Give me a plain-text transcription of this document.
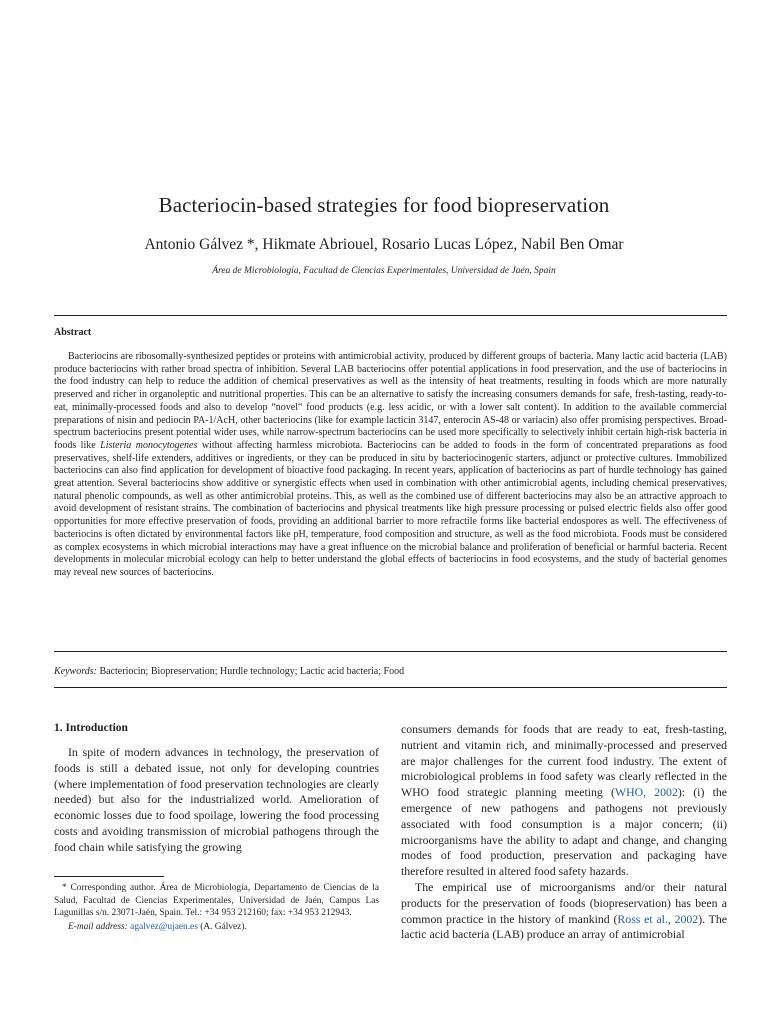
Bacteriocin-based strategies for food biopreservation
Antonio Gálvez *, Hikmate Abriouel, Rosario Lucas López, Nabil Ben Omar
Área de Microbiología, Facultad de Ciencias Experimentales, Universidad de Jaén, Spain
Abstract

Bacteriocins are ribosomally-synthesized peptides or proteins with antimicrobial activity, produced by different groups of bacteria. Many lactic acid bacteria (LAB) produce bacteriocins with rather broad spectra of inhibition. Several LAB bacteriocins offer potential applications in food preservation, and the use of bacteriocins in the food industry can help to reduce the addition of chemical preservatives as well as the intensity of heat treatments, resulting in foods which are more naturally preserved and richer in organoleptic and nutritional properties. This can be an alternative to satisfy the increasing consumers demands for safe, fresh-tasting, ready-to-eat, minimally-processed foods and also to develop “novel“ food products (e.g. less acidic, or with a lower salt content). In addition to the available commercial preparations of nisin and pediocin PA-1/AcH, other bacteriocins (like for example lacticin 3147, enterocin AS-48 or variacin) also offer promising perspectives. Broad-spectrum bacteriocins present potential wider uses, while narrow-spectrum bacteriocins can be used more specifically to selectively inhibit certain high-risk bacteria in foods like Listeria monocytogenes without affecting harmless microbiota. Bacteriocins can be added to foods in the form of concentrated preparations as food preservatives, shelf-life extenders, additives or ingredients, or they can be produced in situ by bacteriocinogenic starters, adjunct or protective cultures. Immobilized bacteriocins can also find application for development of bioactive food packaging. In recent years, application of bacteriocins as part of hurdle technology has gained great attention. Several bacteriocins show additive or synergistic effects when used in combination with other antimicrobial agents, including chemical preservatives, natural phenolic compounds, as well as other antimicrobial proteins. This, as well as the combined use of different bacteriocins may also be an attractive approach to avoid development of resistant strains. The combination of bacteriocins and physical treatments like high pressure processing or pulsed electric fields also offer good opportunities for more effective preservation of foods, providing an additional barrier to more refractile forms like bacterial endospores as well. The effectiveness of bacteriocins is often dictated by environmental factors like pH, temperature, food composition and structure, as well as the food microbiota. Foods must be considered as complex ecosystems in which microbial interactions may have a great influence on the microbial balance and proliferation of beneficial or harmful bacteria. Recent developments in molecular microbial ecology can help to better understand the global effects of bacteriocins in food ecosystems, and the study of bacterial genomes may reveal new sources of bacteriocins.

Keywords: Bacteriocin; Biopreservation; Hurdle technology; Lactic acid bacteria; Food
1. Introduction

In spite of modern advances in technology, the preservation of foods is still a debated issue, not only for developing countries (where implementation of food preservation technologies are clearly needed) but also for the industrialized world. Amelioration of economic losses due to food spoilage, lowering the food processing costs and avoiding transmission of microbial pathogens through the food chain while satisfying the growing

consumers demands for foods that are ready to eat, fresh-tasting, nutrient and vitamin rich, and minimally-processed and preserved are major challenges for the current food industry. The extent of microbiological problems in food safety was clearly reflected in the WHO food strategic planning meeting (WHO, 2002): (i) the emergence of new pathogens and pathogens not previously associated with food consumption is a major concern; (ii) microorganisms have the ability to adapt and change, and changing modes of food production, preservation and packaging have therefore resulted in altered food safety hazards.

The empirical use of microorganisms and/or their natural products for the preservation of foods (biopreservation) has been a common practice in the history of mankind (Ross et al., 2002). The lactic acid bacteria (LAB) produce an array of antimicrobial

* Corresponding author. Área de Microbiología, Departamento de Ciencias de la Salud, Facultad de Ciencias Experimentales, Universidad de Jaén, Campus Las Lagunillas s/n. 23071-Jaén, Spain. Tel.: +34 953 212160; fax: +34 953 212943.

E-mail address: agalvez@ujaen.es (A. Gálvez).
